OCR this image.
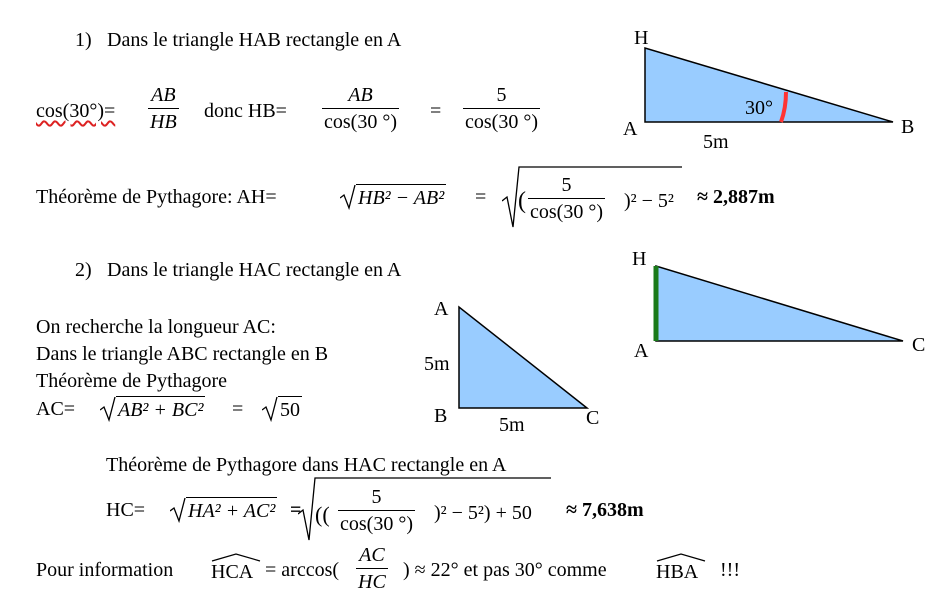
H
A	B
30°
5m
H
A	C
A
B	C
5m
5m
1) Dans le triangle HAB rectangle en A
cos(30°)=
AB
HB donc HB=
AB
cos(30 °) =
5
cos(30 °)
Théorème de Pythagore: AH=	HB² − AB² = (
5
cos(30 °) )² − 5² ≈ 2,887m
2) Dans le triangle HAC rectangle en A
On recherche la longueur AC:
Dans le triangle ABC rectangle en B
Théorème de Pythagore
AC= AB² + BC² = 50
Théorème de Pythagore dans HAC rectangle en A
HC= HA² + AC² = ((
5
cos(30 °) )² − 5²) + 50 ≈ 7,638m
Pour information HCA = arccos(
AC
HC
) ≈ 22° et pas 30° comme HBA !!!
